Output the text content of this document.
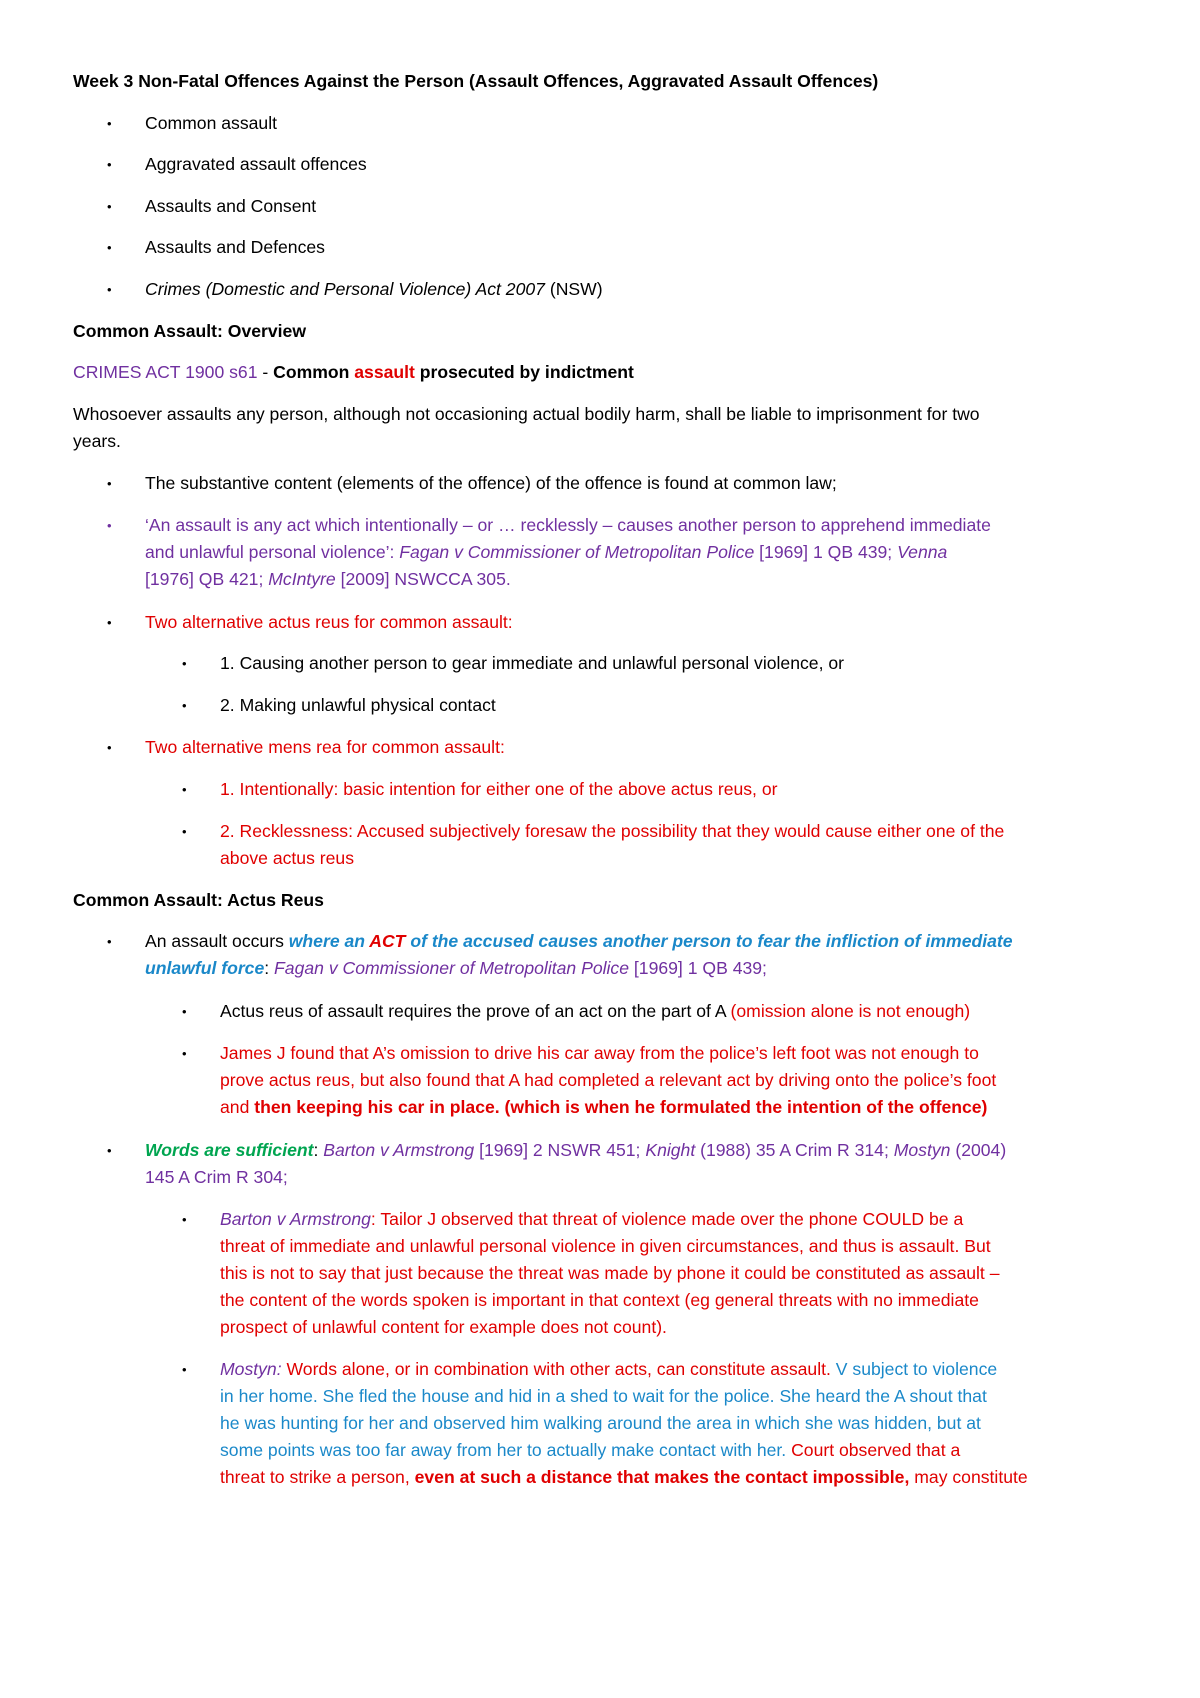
Week 3 Non-Fatal Offences Against the Person (Assault Offences, Aggravated Assault Offences)
• Common assault
• Aggravated assault offences
• Assaults and Consent
• Assaults and Defences
• Crimes (Domestic and Personal Violence) Act 2007 (NSW)
Common Assault: Overview
CRIMES ACT 1900 s61 - Common assault prosecuted by indictment
Whosoever assaults any person, although not occasioning actual bodily harm, shall be liable to imprisonment for two
years.
• The substantive content (elements of the offence) of the offence is found at common law;
• ‘An assault is any act which intentionally – or … recklessly – causes another person to apprehend immediate
and unlawful personal violence’: Fagan v Commissioner of Metropolitan Police [1969] 1 QB 439; Venna
[1976] QB 421; McIntyre [2009] NSWCCA 305.
• Two alternative actus reus for common assault:
• 1. Causing another person to gear immediate and unlawful personal violence, or
• 2. Making unlawful physical contact
• Two alternative mens rea for common assault:
• 1. Intentionally: basic intention for either one of the above actus reus, or
• 2. Recklessness: Accused subjectively foresaw the possibility that they would cause either one of the
above actus reus
Common Assault: Actus Reus
• An assault occurs where an ACT of the accused causes another person to fear the infliction of immediate
unlawful force: Fagan v Commissioner of Metropolitan Police [1969] 1 QB 439;
• Actus reus of assault requires the prove of an act on the part of A (omission alone is not enough)
• James J found that A’s omission to drive his car away from the police’s left foot was not enough to
prove actus reus, but also found that A had completed a relevant act by driving onto the police’s foot
and then keeping his car in place. (which is when he formulated the intention of the offence)
• Words are sufficient: Barton v Armstrong [1969] 2 NSWR 451; Knight (1988) 35 A Crim R 314; Mostyn (2004)
145 A Crim R 304;
• Barton v Armstrong: Tailor J observed that threat of violence made over the phone COULD be a
threat of immediate and unlawful personal violence in given circumstances, and thus is assault. But
this is not to say that just because the threat was made by phone it could be constituted as assault –
the content of the words spoken is important in that context (eg general threats with no immediate
prospect of unlawful content for example does not count).
• Mostyn: Words alone, or in combination with other acts, can constitute assault. V subject to violence
in her home. She fled the house and hid in a shed to wait for the police. She heard the A shout that
he was hunting for her and observed him walking around the area in which she was hidden, but at
some points was too far away from her to actually make contact with her. Court observed that a
threat to strike a person, even at such a distance that makes the contact impossible, may constitute
